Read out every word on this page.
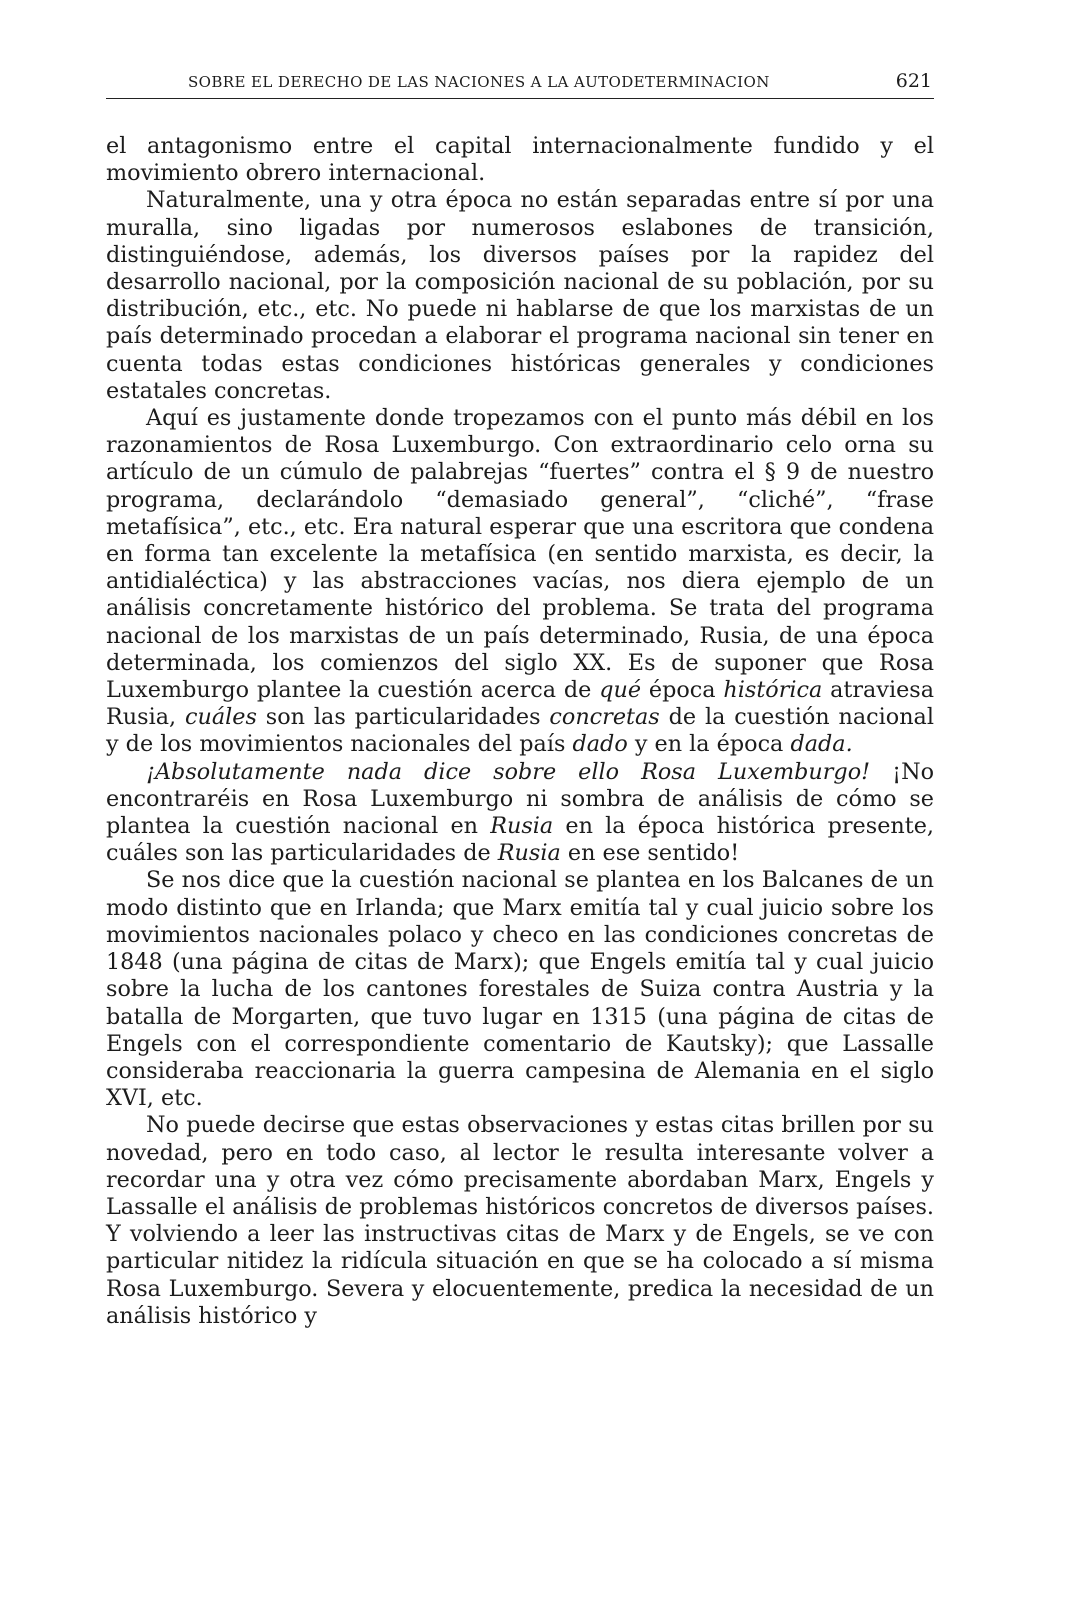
SOBRE EL DERECHO DE LAS NACIONES A LA AUTODETERMINACION	621

el antagonismo entre el capital internacionalmente fundido y el movimiento obrero internacional.

Naturalmente, una y otra época no están separadas entre sí por una muralla, sino ligadas por numerosos eslabones de transición, distinguiéndose, además, los diversos países por la rapidez del desarrollo nacional, por la composición nacional de su población, por su distribución, etc., etc. No puede ni hablarse de que los marxistas de un país determinado procedan a elaborar el programa nacional sin tener en cuenta todas estas condiciones históricas generales y condiciones estatales concretas.

Aquí es justamente donde tropezamos con el punto más débil en los razonamientos de Rosa Luxemburgo. Con extraordinario celo orna su artículo de un cúmulo de palabrejas “fuertes” contra el § 9 de nuestro programa, declarándolo “demasiado general”, “cliché”, “frase metafísica”, etc., etc. Era natural esperar que una escritora que condena en forma tan excelente la metafísica (en sentido marxista, es decir, la antidialéctica) y las abstracciones vacías, nos diera ejemplo de un análisis concretamente histórico del problema. Se trata del programa nacional de los marxistas de un país determinado, Rusia, de una época determinada, los comienzos del siglo XX. Es de suponer que Rosa Luxemburgo plantee la cuestión acerca de qué época histórica atraviesa Rusia, cuáles son las particularidades concretas de la cuestión nacional y de los movimientos nacionales del país dado y en la época dada.

¡Absolutamente nada dice sobre ello Rosa Luxemburgo! ¡No encontraréis en Rosa Luxemburgo ni sombra de análisis de cómo se plantea la cuestión nacional en Rusia en la época histórica presente, cuáles son las particularidades de Rusia en ese sentido!

Se nos dice que la cuestión nacional se plantea en los Balcanes de un modo distinto que en Irlanda; que Marx emitía tal y cual juicio sobre los movimientos nacionales polaco y checo en las condiciones concretas de 1848 (una página de citas de Marx); que Engels emitía tal y cual juicio sobre la lucha de los cantones forestales de Suiza contra Austria y la batalla de Morgarten, que tuvo lugar en 1315 (una página de citas de Engels con el correspondiente comentario de Kautsky); que Lassalle consideraba reaccionaria la guerra campesina de Alemania en el siglo XVI, etc.

No puede decirse que estas observaciones y estas citas brillen por su novedad, pero en todo caso, al lector le resulta interesante volver a recordar una y otra vez cómo precisamente abordaban Marx, Engels y Lassalle el análisis de problemas históricos concretos de diversos países. Y volviendo a leer las instructivas citas de Marx y de Engels, se ve con particular nitidez la ridícula situación en que se ha colocado a sí misma Rosa Luxemburgo. Severa y elocuentemente, predica la necesidad de un análisis histórico y
